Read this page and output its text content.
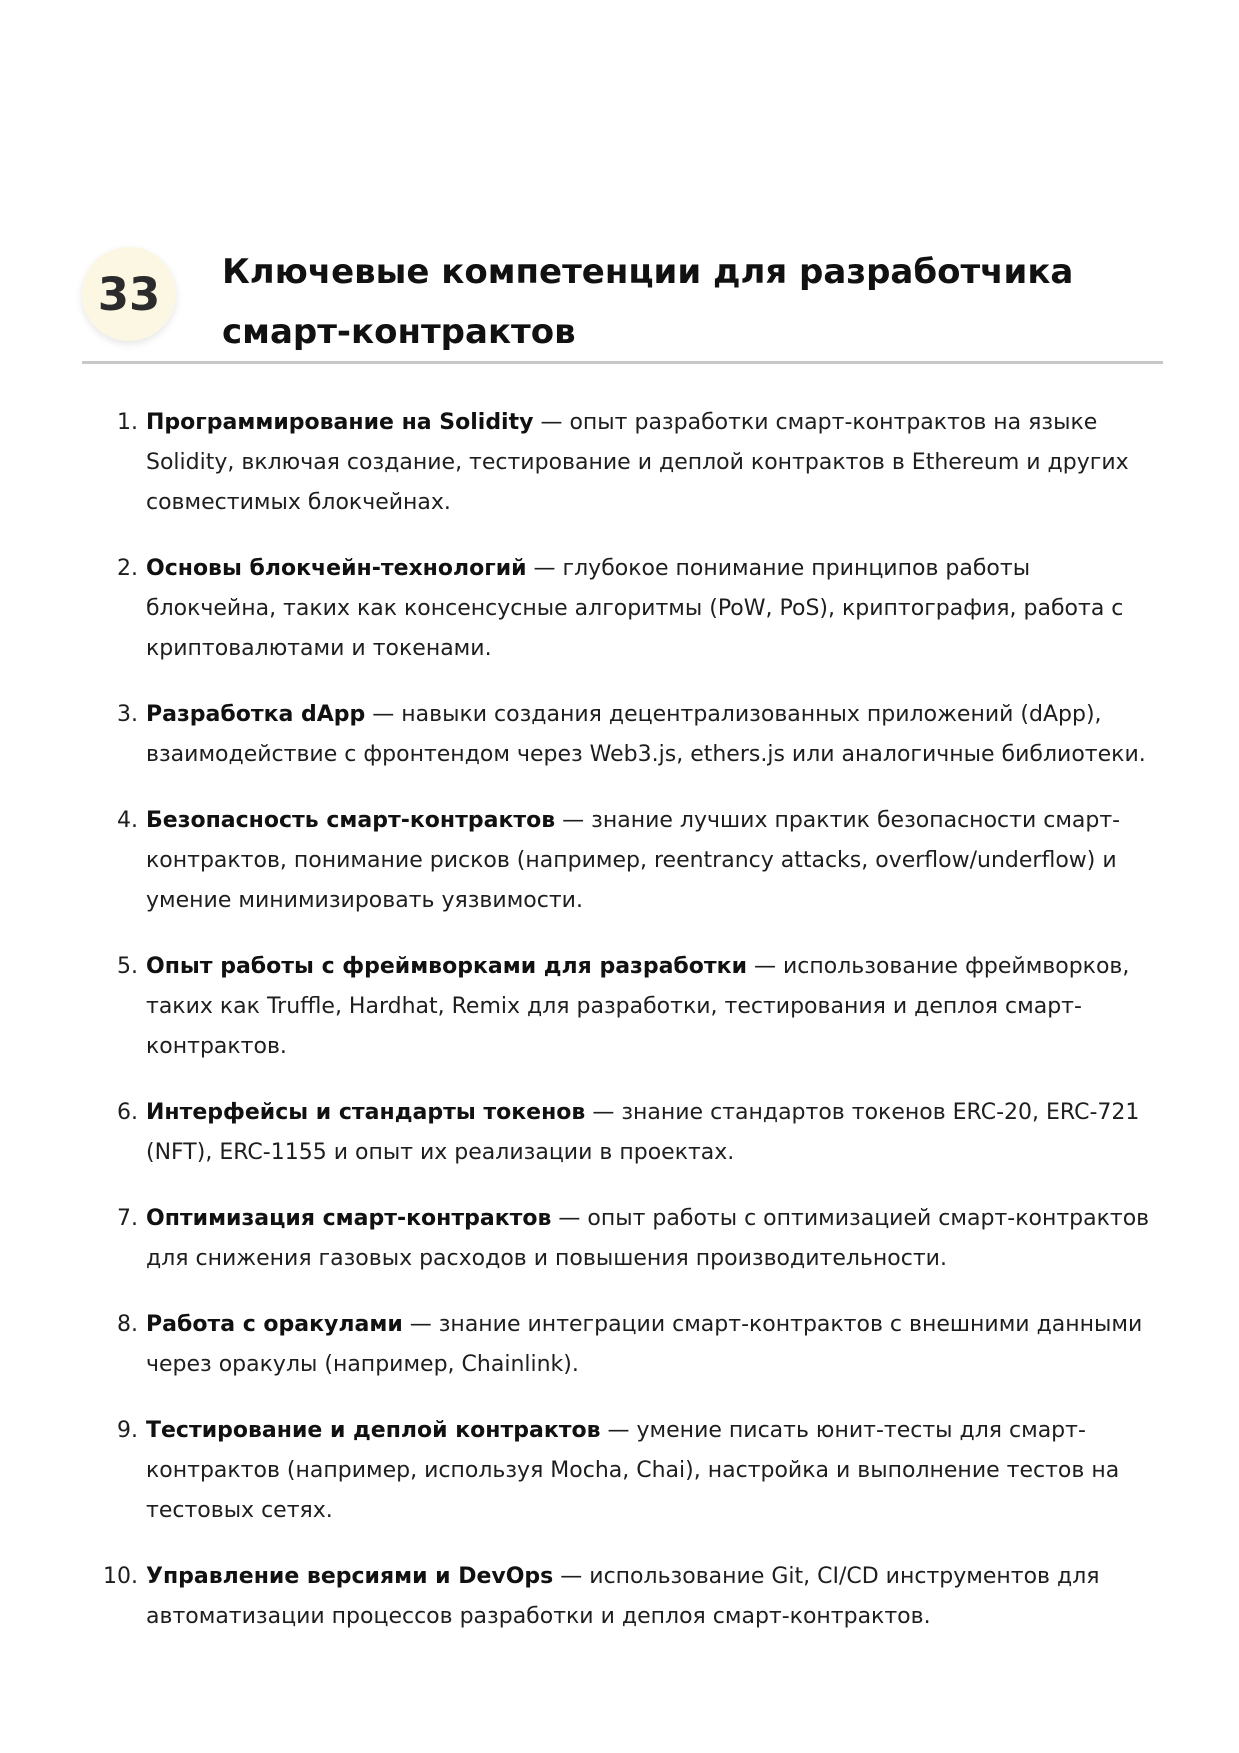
33	Ключевые компетенции для разработчика смарт-контрактов
1. Программирование на Solidity — опыт разработки смарт-контрактов на языке Solidity, включая создание, тестирование и деплой контрактов в Ethereum и других совместимых блокчейнах.
2. Основы блокчейн-технологий — глубокое понимание принципов работы блокчейна, таких как консенсусные алгоритмы (PoW, PoS), криптография, работа с криптовалютами и токенами.
3. Разработка dApp — навыки создания децентрализованных приложений (dApp), взаимодействие с фронтендом через Web3.js, ethers.js или аналогичные библиотеки.
4. Безопасность смарт-контрактов — знание лучших практик безопасности смарт-контрактов, понимание рисков (например, reentrancy attacks, overflow/underflow) и умение минимизировать уязвимости.
5. Опыт работы с фреймворками для разработки — использование фреймворков, таких как Truffle, Hardhat, Remix для разработки, тестирования и деплоя смарт-контрактов.
6. Интерфейсы и стандарты токенов — знание стандартов токенов ERC-20, ERC-721 (NFT), ERC-1155 и опыт их реализации в проектах.
7. Оптимизация смарт-контрактов — опыт работы с оптимизацией смарт-контрактов для снижения газовых расходов и повышения производительности.
8. Работа с оракулами — знание интеграции смарт-контрактов с внешними данными через оракулы (например, Chainlink).
9. Тестирование и деплой контрактов — умение писать юнит-тесты для смарт-контрактов (например, используя Mocha, Chai), настройка и выполнение тестов на тестовых сетях.
10. Управление версиями и DevOps — использование Git, CI/CD инструментов для автоматизации процессов разработки и деплоя смарт-контрактов.
